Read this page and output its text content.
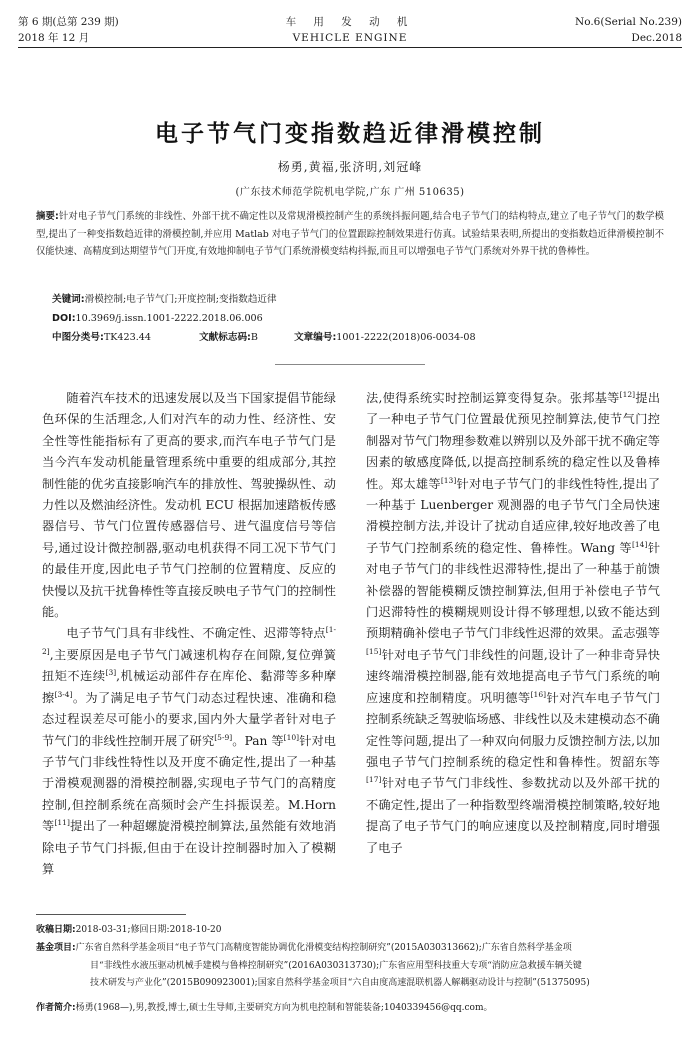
第 6 期(总第 239 期)
2018 年 12 月
车 用 发 动 机
VEHICLE ENGINE
No.6(Serial No.239)
Dec.2018
电子节气门变指数趋近律滑模控制
杨勇,黄福,张济明,刘冠峰
(广东技术师范学院机电学院,广东 广州 510635)
摘要:针对电子节气门系统的非线性、外部干扰不确定性以及常规滑模控制产生的系统抖振问题,结合电子节气门的结构特点,建立了电子节气门的数学模型,提出了一种变指数趋近律的滑模控制,并应用 Matlab 对电子节气门的位置跟踪控制效果进行仿真。试验结果表明,所提出的变指数趋近律滑模控制不仅能快速、高精度到达期望节气门开度,有效地抑制电子节气门系统滑模变结构抖振,而且可以增强电子节气门系统对外界干扰的鲁棒性。
关键词:滑模控制;电子节气门;开度控制;变指数趋近律
DOI:10.3969/j.issn.1001-2222.2018.06.006
中图分类号:TK423.44	文献标志码:B	文章编号:1001-2222(2018)06-0034-08

随着汽车技术的迅速发展以及当下国家提倡节能绿色环保的生活理念,人们对汽车的动力性、经济性、安全性等性能指标有了更高的要求,而汽车电子节气门是当今汽车发动机能量管理系统中重要的组成部分,其控制性能的优劣直接影响汽车的排放性、驾驶操纵性、动力性以及燃油经济性。发动机 ECU 根据加速踏板传感器信号、节气门位置传感器信号、进气温度信号等信号,通过设计微控制器,驱动电机获得不同工况下节气门的最佳开度,因此电子节气门控制的位置精度、反应的快慢以及抗干扰鲁棒性等直接反映电子节气门的控制性能。

电子节气门具有非线性、不确定性、迟滞等特点[1-2],主要原因是电子节气门减速机构存在间隙,复位弹簧扭矩不连续[3],机械运动部件存在库伦、黏滞等多种摩擦[3-4]。为了满足电子节气门动态过程快速、准确和稳态过程误差尽可能小的要求,国内外大量学者针对电子节气门的非线性控制开展了研究[5-9]。Pan 等[10]针对电子节气门非线性特性以及开度不确定性,提出了一种基于滑模观测器的滑模控制器,实现电子节气门的高精度控制,但控制系统在高频时会产生抖振误差。M.Horn 等[11]提出了一种超螺旋滑模控制算法,虽然能有效地消除电子节气门抖振,但由于在设计控制器时加入了模糊算

法,使得系统实时控制运算变得复杂。张邦基等[12]提出了一种电子节气门位置最优预见控制算法,使节气门控制器对节气门物理参数难以辨别以及外部干扰不确定等因素的敏感度降低,以提高控制系统的稳定性以及鲁棒性。郑太雄等[13]针对电子节气门的非线性特性,提出了一种基于 Luenberger 观测器的电子节气门全局快速滑模控制方法,并设计了扰动自适应律,较好地改善了电子节气门控制系统的稳定性、鲁棒性。Wang 等[14]针对电子节气门的非线性迟滞特性,提出了一种基于前馈补偿器的智能模糊反馈控制算法,但用于补偿电子节气门迟滞特性的模糊规则设计得不够理想,以致不能达到预期精确补偿电子节气门非线性迟滞的效果。孟志强等[15]针对电子节气门非线性的问题,设计了一种非奇异快速终端滑模控制器,能有效地提高电子节气门系统的响应速度和控制精度。巩明德等[16]针对汽车电子节气门控制系统缺乏驾驶临场感、非线性以及未建模动态不确定性等问题,提出了一种双向伺服力反馈控制方法,以加强电子节气门控制系统的稳定性和鲁棒性。贺韶东等[17]针对电子节气门非线性、参数扰动以及外部干扰的不确定性,提出了一种指数型终端滑模控制策略,较好地提高了电子节气门的响应速度以及控制精度,同时增强了电子

收稿日期:2018-03-31;修回日期:2018-10-20
基金项目:广东省自然科学基金项目“电子节气门高精度智能协调优化滑模变结构控制研究”(2015A030313662);广东省自然科学基金项
目“非线性水液压驱动机械手建模与鲁棒控制研究”(2016A030313730);广东省应用型科技重大专项“消防应急救援车辆关键
技术研发与产业化”(2015B090923001);国家自然科学基金项目“六自由度高速混联机器人解耦驱动设计与控制”(51375095)
作者简介:杨勇(1968—),男,教授,博士,硕士生导师,主要研究方向为机电控制和智能装备;1040339456@qq.com。
